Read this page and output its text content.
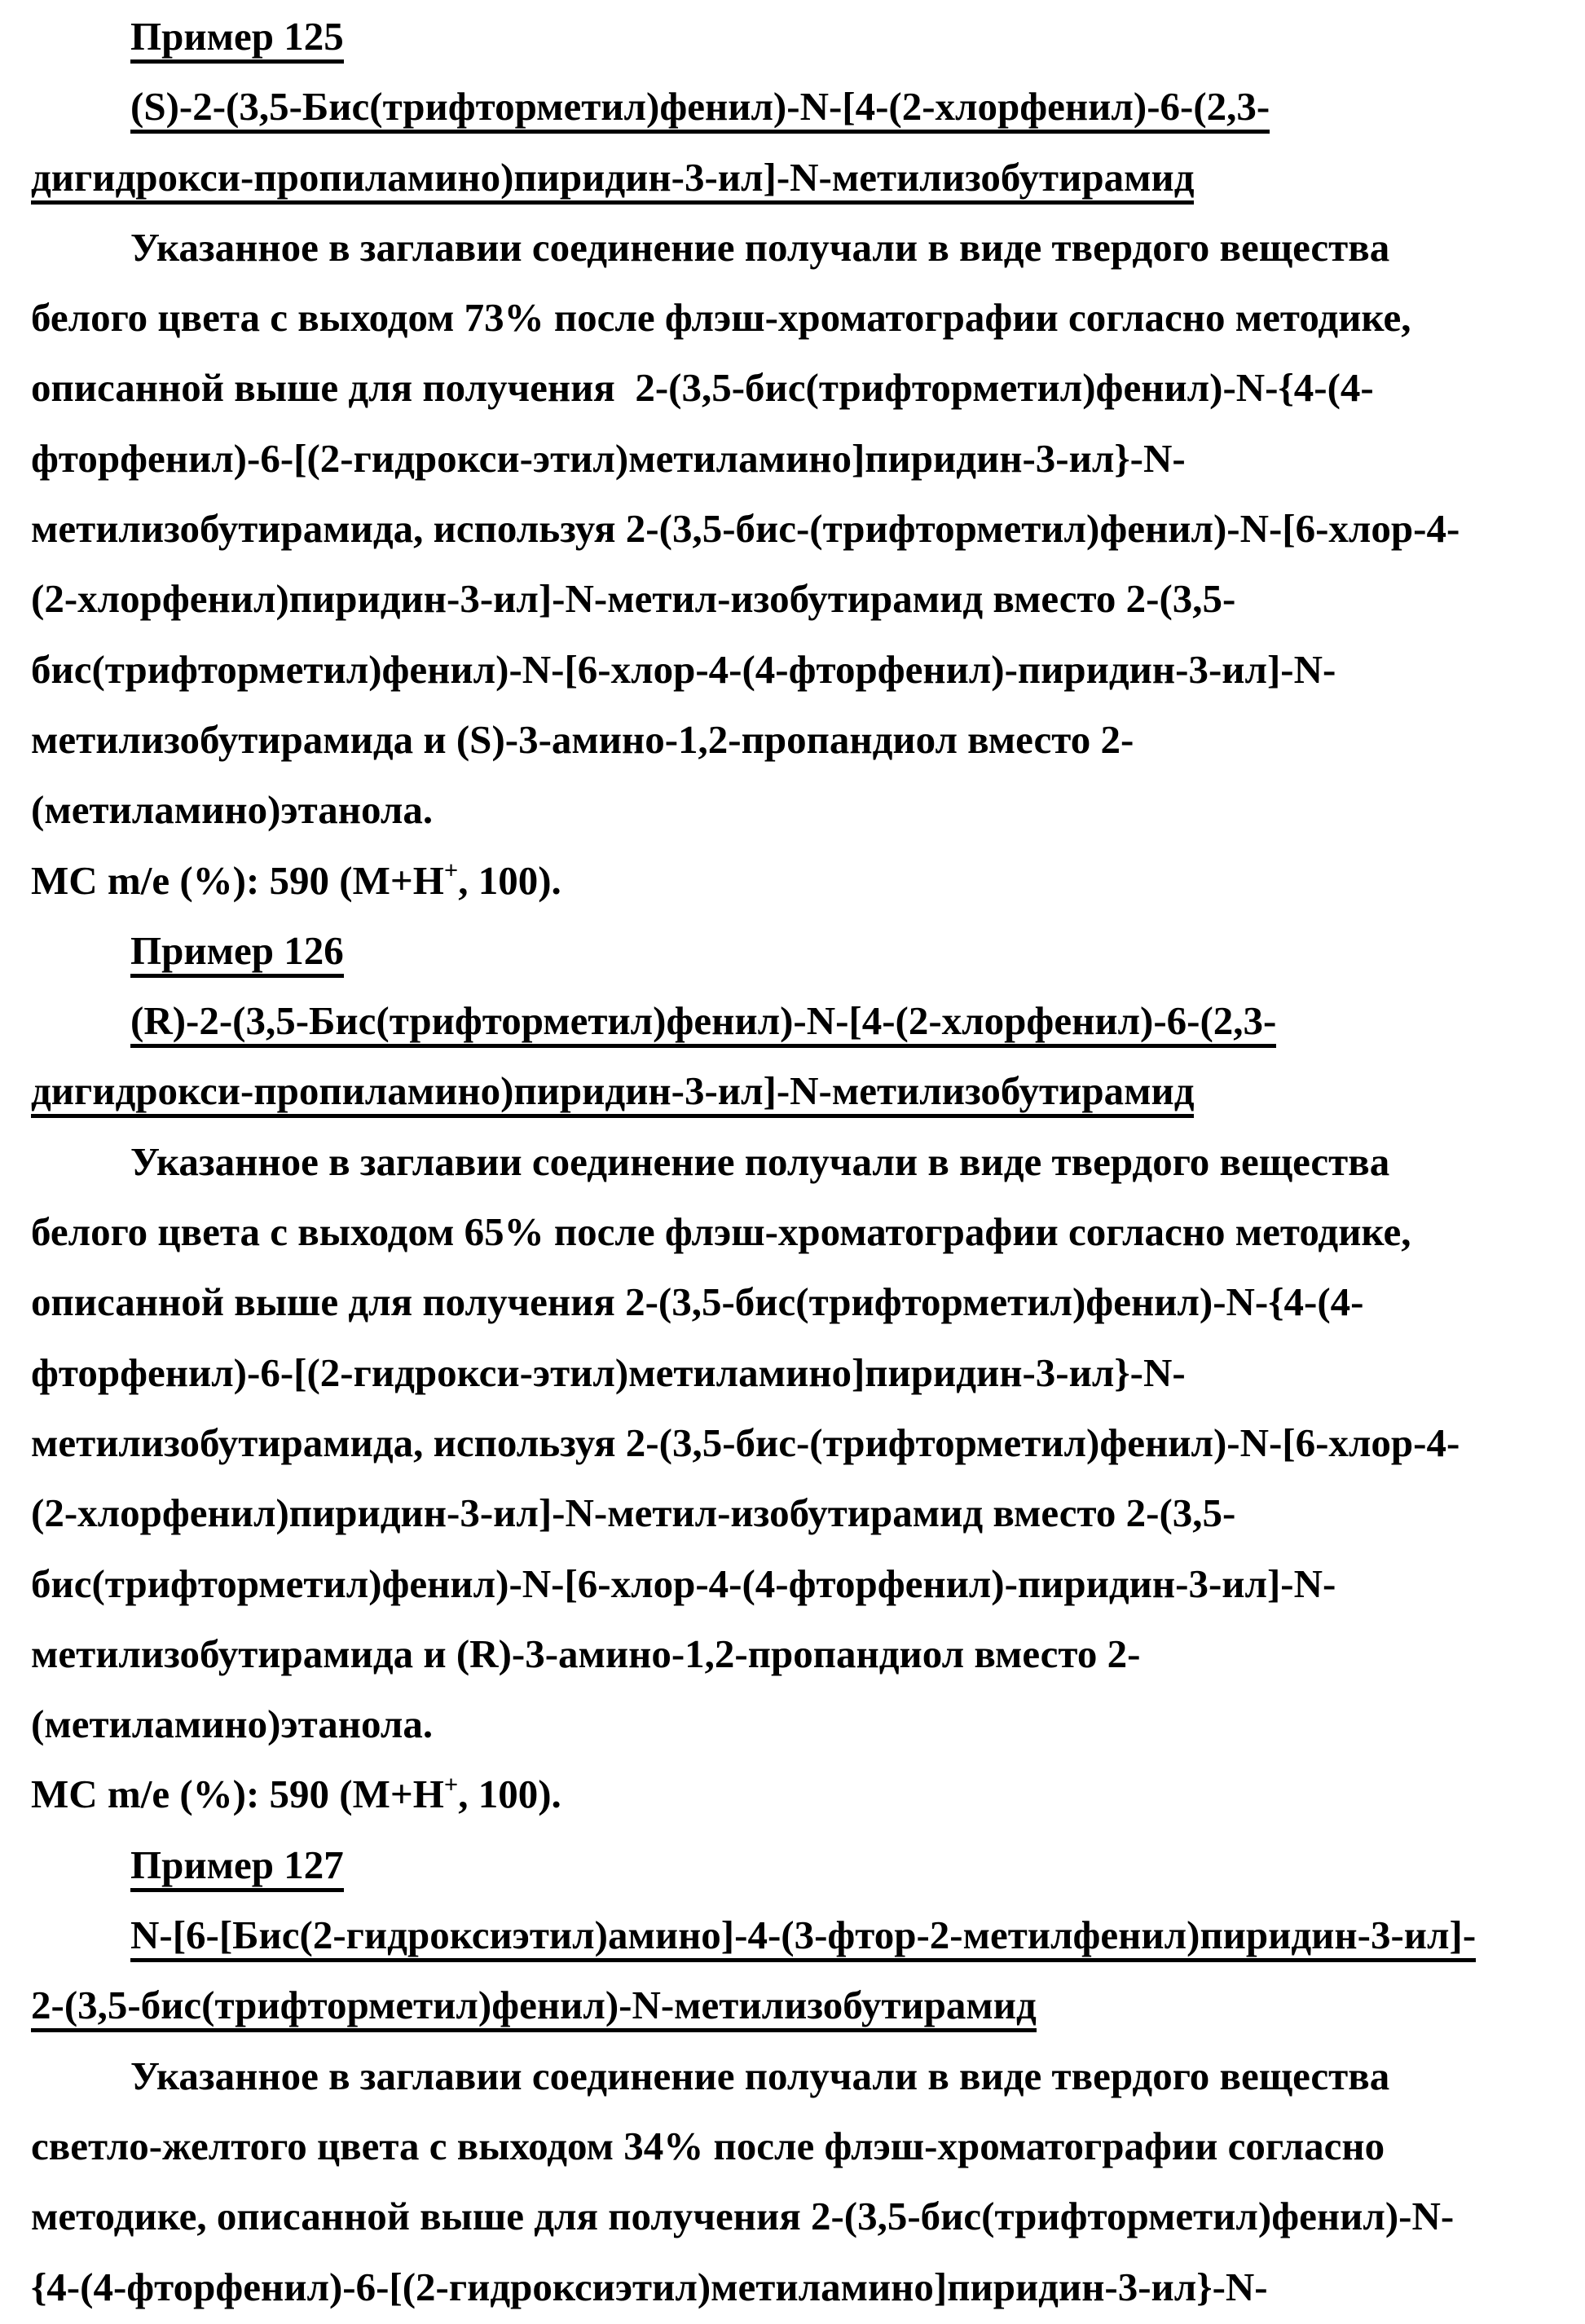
Пример 125
(S)-2-(3,5-Бис(трифторметил)фенил)-N-[4-(2-хлорфенил)-6-(2,3-
дигидрокси-пропиламино)пиридин-3-ил]-N-метилизобутирамид
Указанное в заглавии соединение получали в виде твердого вещества
белого цвета с выходом 73% после флэш-хроматографии согласно методике,
описанной выше для получения  2-(3,5-бис(трифторметил)фенил)-N-{4-(4-
фторфенил)-6-[(2-гидрокси-этил)метиламино]пиридин-3-ил}-N-
метилизобутирамида, используя 2-(3,5-бис-(трифторметил)фенил)-N-[6-хлор-4-
(2-хлорфенил)пиридин-3-ил]-N-метил-изобутирамид вместо 2-(3,5-
бис(трифторметил)фенил)-N-[6-хлор-4-(4-фторфенил)-пиридин-3-ил]-N-
метилизобутирамида и (S)-3-амино-1,2-пропандиол вместо 2-
(метиламино)этанола.
МС m/e (%): 590 (M+H+, 100).
Пример 126
(R)-2-(3,5-Бис(трифторметил)фенил)-N-[4-(2-хлорфенил)-6-(2,3-
дигидрокси-пропиламино)пиридин-3-ил]-N-метилизобутирамид
Указанное в заглавии соединение получали в виде твердого вещества
белого цвета с выходом 65% после флэш-хроматографии согласно методике,
описанной выше для получения 2-(3,5-бис(трифторметил)фенил)-N-{4-(4-
фторфенил)-6-[(2-гидрокси-этил)метиламино]пиридин-3-ил}-N-
метилизобутирамида, используя 2-(3,5-бис-(трифторметил)фенил)-N-[6-хлор-4-
(2-хлорфенил)пиридин-3-ил]-N-метил-изобутирамид вместо 2-(3,5-
бис(трифторметил)фенил)-N-[6-хлор-4-(4-фторфенил)-пиридин-3-ил]-N-
метилизобутирамида и (R)-3-амино-1,2-пропандиол вместо 2-
(метиламино)этанола.
МС m/e (%): 590 (M+H+, 100).
Пример 127
N-[6-[Бис(2-гидроксиэтил)амино]-4-(3-фтор-2-метилфенил)пиридин-3-ил]-
2-(3,5-бис(трифторметил)фенил)-N-метилизобутирамид
Указанное в заглавии соединение получали в виде твердого вещества
светло-желтого цвета с выходом 34% после флэш-хроматографии согласно
методике, описанной выше для получения 2-(3,5-бис(трифторметил)фенил)-N-
{4-(4-фторфенил)-6-[(2-гидроксиэтил)метиламино]пиридин-3-ил}-N-
